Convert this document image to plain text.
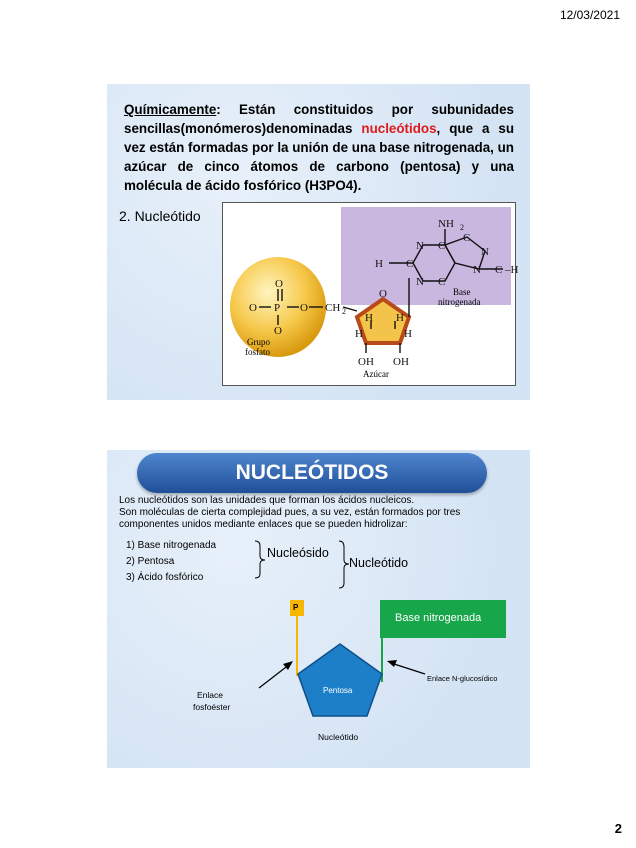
12/03/2021
Químicamente: Están constituidos por subunidades sencillas(monómeros)denominadas nucleótidos, que a su vez están formadas por la unión de una base nitrogenada, un azúcar de cinco átomos de carbono (pentosa) y una molécula de ácido fosfórico (H3PO4).
2. Nucleótido
O
O P O
O
CH 2
O
H H
H	H
OH OH
NH 2
H C
N C
N C
C
N
N C –H
Grupo
fosfato
Base
nitrogenada
Azúcar
NUCLEÓTIDOS
Los nucleótidos son las unidades que forman los ácidos nucleicos.
Son moléculas de cierta complejidad pues, a su vez, están formados por tres
componentes unidos mediante enlaces que se pueden hidrolizar:
1) Base nitrogenada
2) Pentosa
3) Ácido fosfórico
Nucleósido
Nucleótido
P
Base nitrogenada
Pentosa
Enlace N-glucosídico
Enlace
fosfoéster
Nucleótido
2
